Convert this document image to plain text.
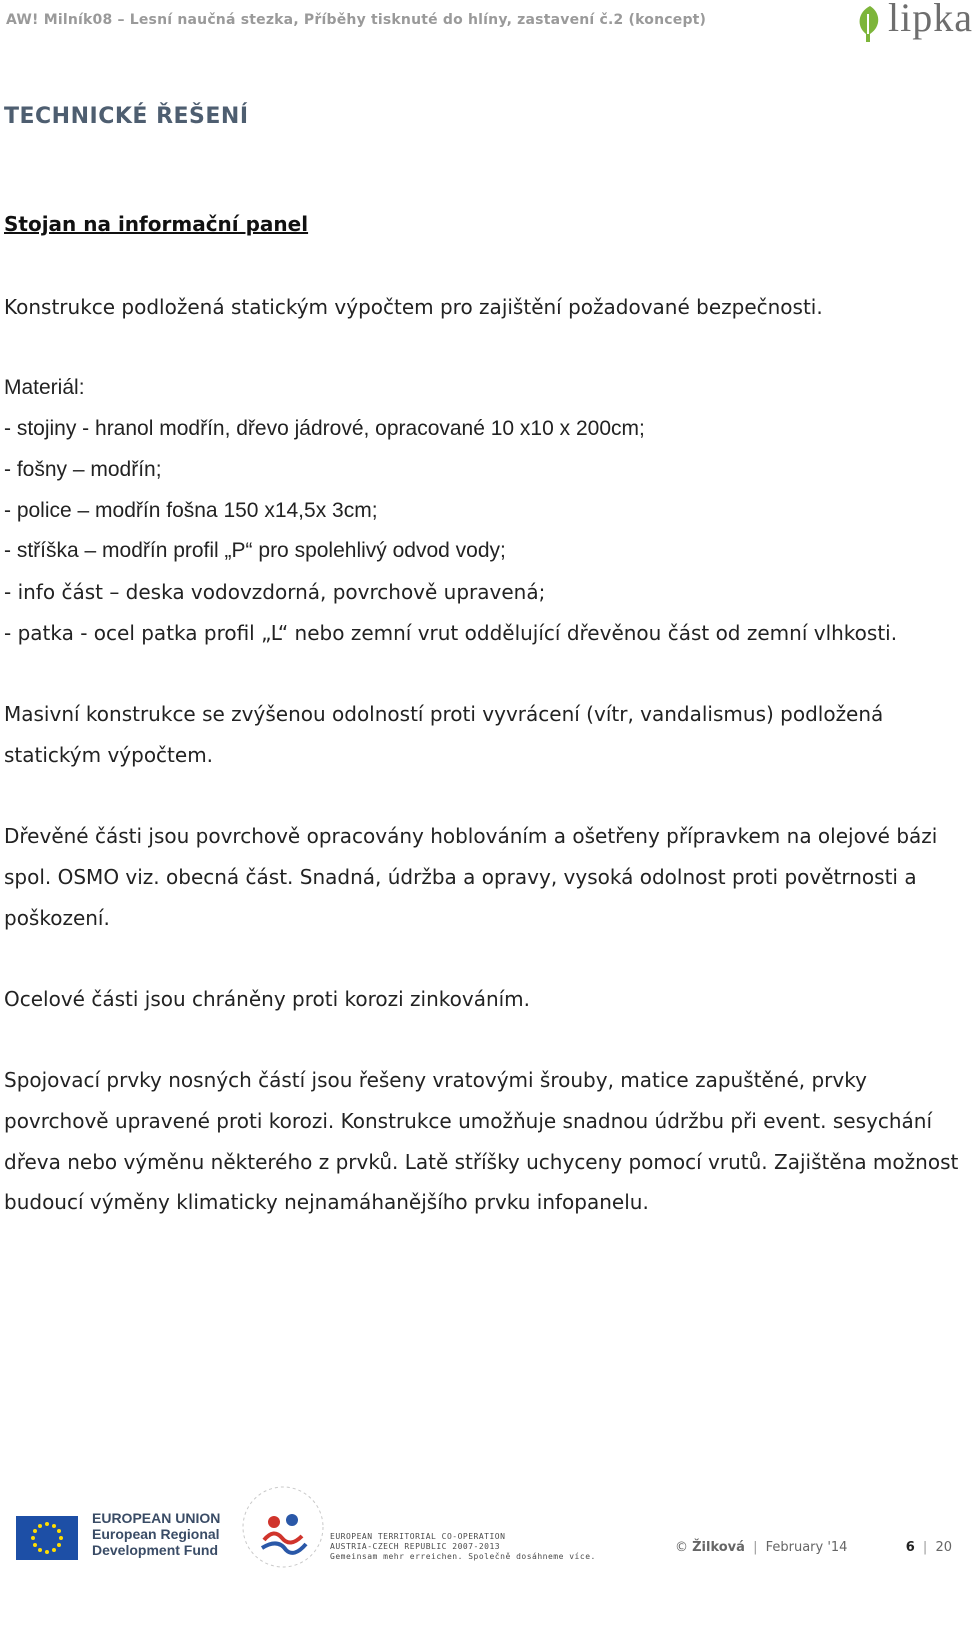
AW! Milník08 – Lesní naučná stezka, Příběhy tisknuté do hlíny, zastavení č.2 (koncept)	lipka
TECHNICKÉ ŘEŠENÍ
Stojan na informační panel

Konstrukce podložená statickým výpočtem pro zajištění požadované bezpečnosti.

Materiál:
- stojiny - hranol modřín, dřevo jádrové, opracované 10 x10 x 200cm;
- fošny – modřín;
- police – modřín fošna 150 x14,5x 3cm;
- stříška – modřín profil „P“ pro spolehlivý odvod vody;
- info část – deska vodovzdorná, povrchově upravená;
- patka - ocel patka profil „L“ nebo zemní vrut oddělující dřevěnou část od zemní vlhkosti.

Masivní konstrukce se zvýšenou odolností proti vyvrácení (vítr, vandalismus) podložená statickým výpočtem.

Dřevěné části jsou povrchově opracovány hoblováním a ošetřeny přípravkem na olejové bázi spol. OSMO viz. obecná část. Snadná, údržba a opravy, vysoká odolnost proti povětrnosti a poškození.

Ocelové části jsou chráněny proti korozi zinkováním.

Spojovací prvky nosných částí jsou řešeny vratovými šrouby, matice zapuštěné, prvky povrchově upravené proti korozi. Konstrukce umožňuje snadnou údržbu při event. sesychání dřeva nebo výměnu některého z prvků. Latě stříšky uchyceny pomocí vrutů. Zajištěna možnost budoucí výměny klimaticky nejnamáhanějšího prvku infopanelu.

EUROPEAN UNION
European Regional
Development Fund
EUROPEAN TERRITORIAL CO-OPERATION
AUSTRIA-CZECH REPUBLIC 2007-2013
Gemeinsam mehr erreichen. Společně dosáhneme více.
© Žilková | February '14	6 | 20
